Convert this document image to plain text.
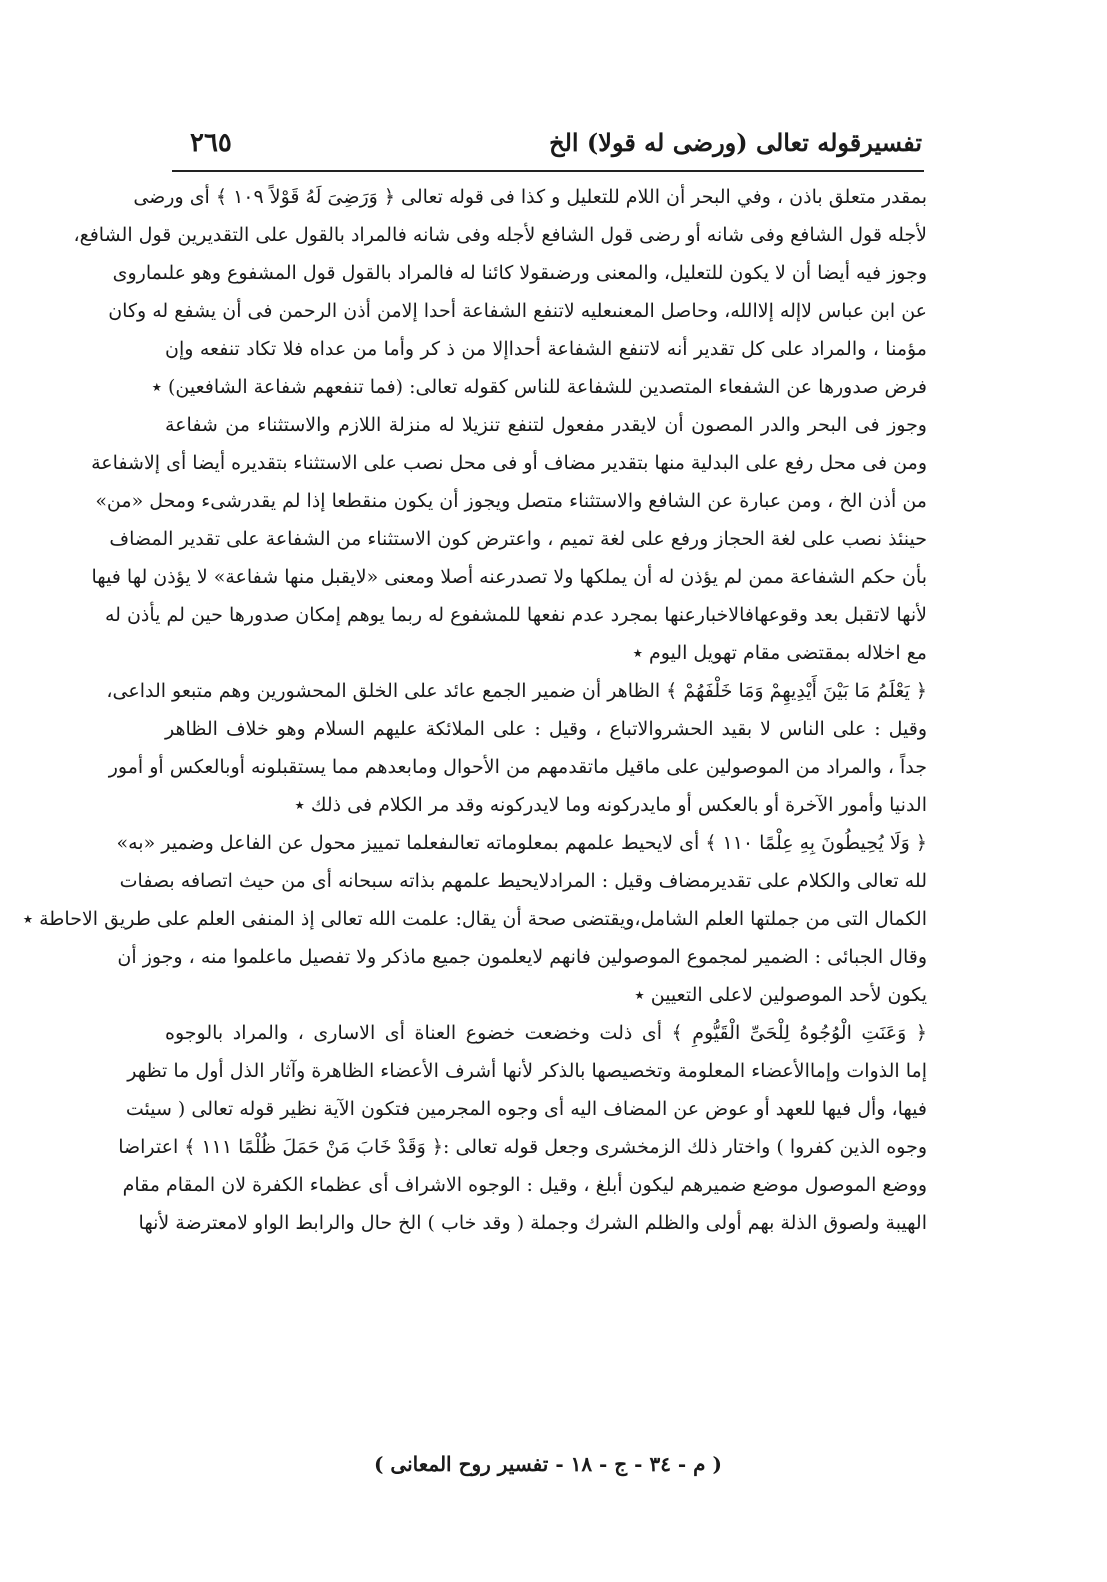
تفسيرقوله تعالى (ورضى له قولا) الخ
٢٦٥
بمقدر متعلق باذن ، وفي البحر أن اللام للتعليل و كذا فى قوله تعالى ﴿ وَرَضِىَ لَهُ قَوْلاً ١٠٩ ﴾ أى ورضى
لأجله قول الشافع وفى شانه أو رضى قول الشافع لأجله وفى شانه فالمراد بالقول على التقديرين قول الشافع،
وجوز فيه أيضا أن لا يكون للتعليل، والمعنى ورضىقولا كائنا له فالمراد بالقول قول المشفوع وهو علىماروى
عن ابن عباس لاإله إلاالله، وحاصل المعنىعليه لاتنفع الشفاعة أحدا إلامن أذن الرحمن فى أن يشفع له وكان
مؤمنا ، والمراد على كل تقدير أنه لاتنفع الشفاعة أحداإلا من ذ كر وأما من عداه فلا تكاد تنفعه وإن
فرض صدورها عن الشفعاء المتصدين للشفاعة للناس كقوله تعالى: (فما تنفعهم شفاعة الشافعين) ٭
وجوز فى البحر والدر المصون أن لايقدر مفعول لتنفع تنزيلا له منزلة اللازم والاستثناء من شفاعة
ومن فى محل رفع على البدلية منها بتقدير مضاف أو فى محل نصب على الاستثناء بتقديره أيضا أى إلاشفاعة
من أذن الخ ، ومن عبارة عن الشافع والاستثناء متصل ويجوز أن يكون منقطعا إذا لم يقدرشىء ومحل «من»
حينئذ نصب على لغة الحجاز ورفع على لغة تميم ، واعترض كون الاستثناء من الشفاعة على تقدير المضاف
بأن حكم الشفاعة ممن لم يؤذن له أن يملكها ولا تصدرعنه أصلا ومعنى «لايقبل منها شفاعة» لا يؤذن لها فيها
لأنها لاتقبل بعد وقوعهافالاخبارعنها بمجرد عدم نفعها للمشفوع له ربما يوهم إمكان صدورها حين لم يأذن له
مع اخلاله بمقتضى مقام تهويل اليوم ٭
﴿ يَعْلَمُ مَا بَيْنَ أَيْدِيهِمْ وَمَا خَلْفَهُمْ ﴾ الظاهر أن ضمير الجمع عائد على الخلق المحشورين وهم متبعو الداعى،
وقيل : على الناس لا بقيد الحشروالاتباع ، وقيل : على الملائكة عليهم السلام وهو خلاف الظاهر
جداً ، والمراد من الموصولين على ماقيل ماتقدمهم من الأحوال ومابعدهم مما يستقبلونه أوبالعكس أو أمور
الدنيا وأمور الآخرة أو بالعكس أو مايدركونه وما لايدركونه وقد مر الكلام فى ذلك ٭
﴿ وَلَا يُحِيطُونَ بِهِ عِلْمًا ١١٠ ﴾ أى لايحيط علمهم بمعلوماته تعالىفعلما تمييز محول عن الفاعل وضمير «به»
لله تعالى والكلام على تقديرمضاف وقيل : المرادلايحيط علمهم بذاته سبحانه أى من حيث اتصافه بصفات
الكمال التى من جملتها العلم الشامل،ويقتضى صحة أن يقال: علمت الله تعالى إذ المنفى العلم على طريق الاحاطة ٭
وقال الجبائى : الضمير لمجموع الموصولين فانهم لايعلمون جميع ماذكر ولا تفصيل ماعلموا منه ، وجوز أن
يكون لأحد الموصولين لاعلى التعيين ٭
﴿ وَعَنَتِ الْوُجُوهُ لِلْحَىِّ الْقَيُّومِ ﴾ أى ذلت وخضعت خضوع العناة أى الاسارى ، والمراد بالوجوه
إما الذوات وإماالأعضاء المعلومة وتخصيصها بالذكر لأنها أشرف الأعضاء الظاهرة وآثار الذل أول ما تظهر
فيها، وأل فيها للعهد أو عوض عن المضاف اليه أى وجوه المجرمين فتكون الآية نظير قوله تعالى ( سيئت
وجوه الذين كفروا ) واختار ذلك الزمخشرى وجعل قوله تعالى :﴿ وَقَدْ خَابَ مَنْ حَمَلَ ظُلْمًا ١١١ ﴾ اعتراضا
ووضع الموصول موضع ضميرهم ليكون أبلغ ، وقيل : الوجوه الاشراف أى عظماء الكفرة لان المقام مقام
الهيبة ولصوق الذلة بهم أولى والظلم الشرك وجملة ( وقد خاب ) الخ حال والرابط الواو لامعترضة لأنها
( م - ٣٤ - ج - ١٨ - تفسير روح المعانى )
